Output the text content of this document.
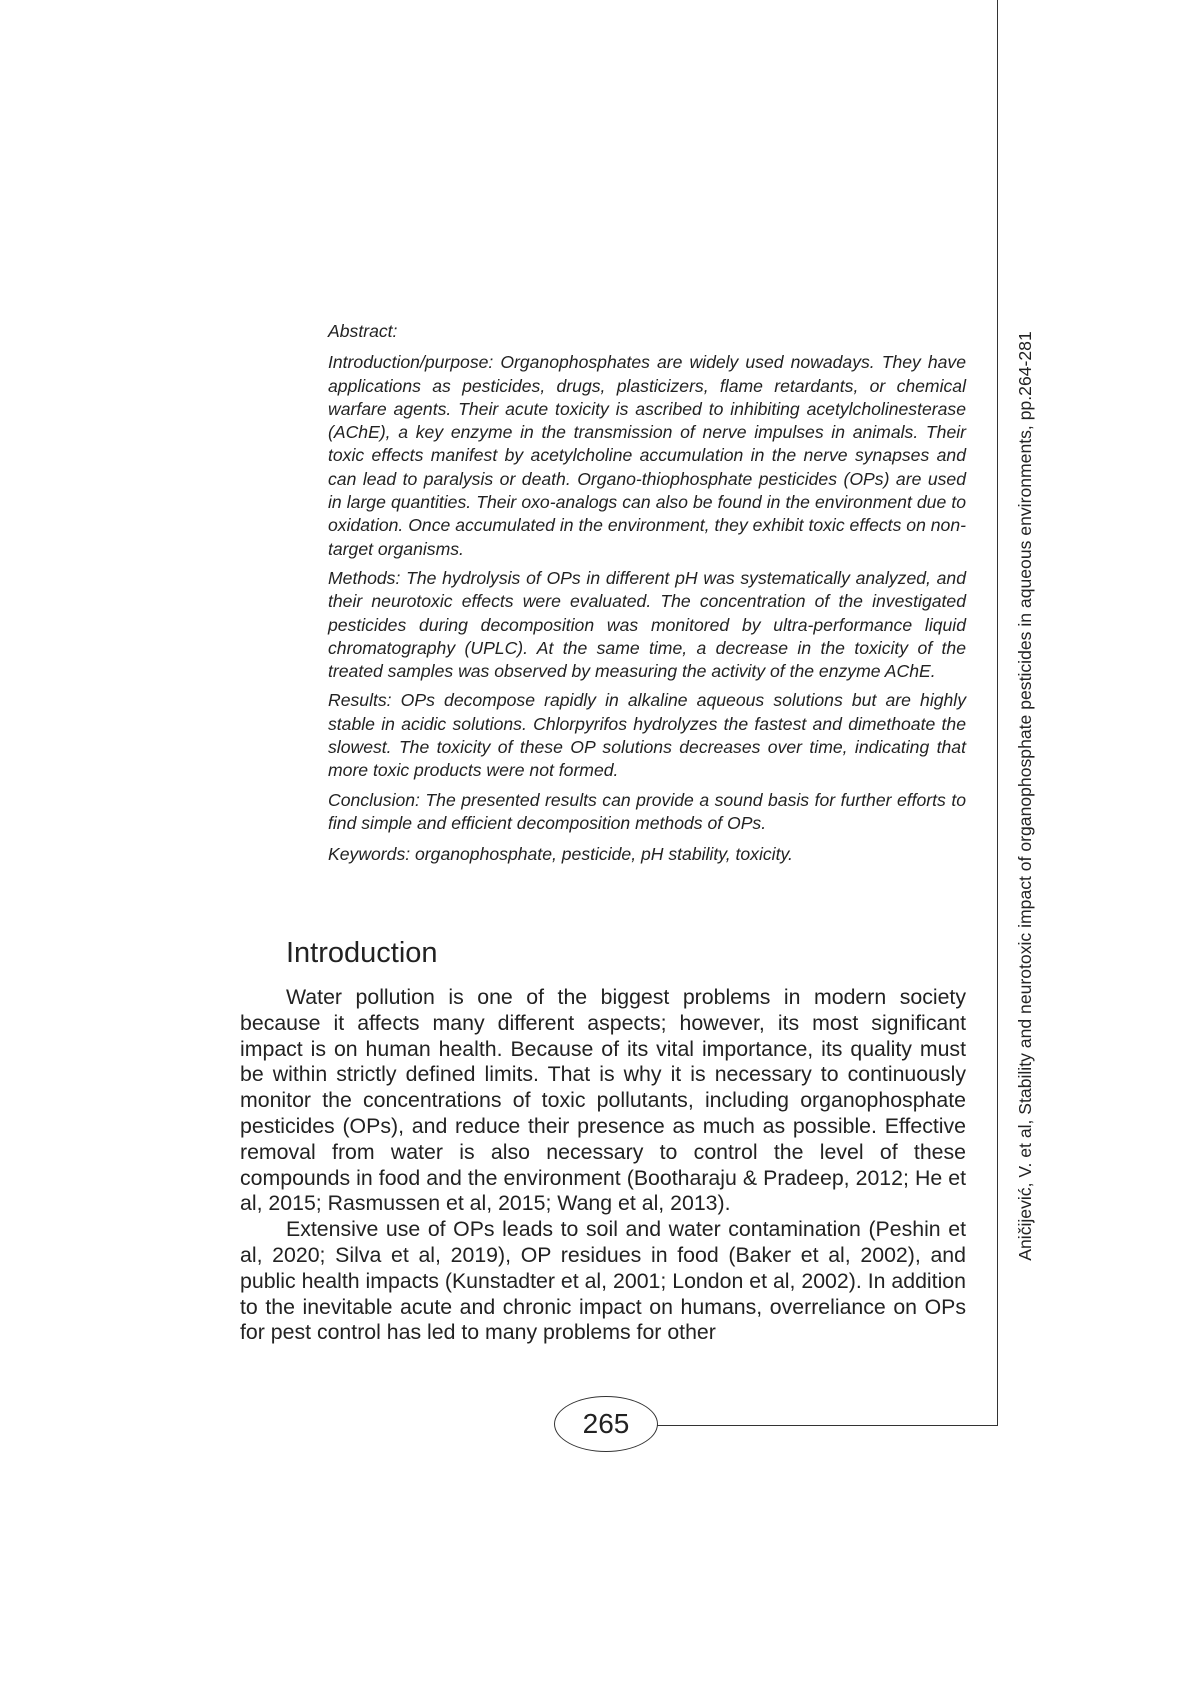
265
Aničijević, V. et al, Stability and neurotoxic impact of organophosphate pesticides in aqueous environments, pp.264-281

Abstract:

Introduction/purpose: Organophosphates are widely used nowadays. They have applications as pesticides, drugs, plasticizers, flame retardants, or chemical warfare agents. Their acute toxicity is ascribed to inhibiting acetylcholinesterase (AChE), a key enzyme in the transmission of nerve impulses in animals. Their toxic effects manifest by acetylcholine accumulation in the nerve synapses and can lead to paralysis or death. Organo-thiophosphate pesticides (OPs) are used in large quantities. Their oxo-analogs can also be found in the environment due to oxidation. Once accumulated in the environment, they exhibit toxic effects on non-target organisms.

Methods: The hydrolysis of OPs in different pH was systematically analyzed, and their neurotoxic effects were evaluated. The concentration of the investigated pesticides during decomposition was monitored by ultra-performance liquid chromatography (UPLC). At the same time, a decrease in the toxicity of the treated samples was observed by measuring the activity of the enzyme AChE.

Results: OPs decompose rapidly in alkaline aqueous solutions but are highly stable in acidic solutions. Chlorpyrifos hydrolyzes the fastest and dimethoate the slowest. The toxicity of these OP solutions decreases over time, indicating that more toxic products were not formed.

Conclusion: The presented results can provide a sound basis for further efforts to find simple and efficient decomposition methods of OPs.

Keywords: organophosphate, pesticide, pH stability, toxicity.

Introduction

Water pollution is one of the biggest problems in modern society because it affects many different aspects; however, its most significant impact is on human health. Because of its vital importance, its quality must be within strictly defined limits. That is why it is necessary to continuously monitor the concentrations of toxic pollutants, including organophosphate pesticides (OPs), and reduce their presence as much as possible. Effective removal from water is also necessary to control the level of these compounds in food and the environment (Bootharaju & Pradeep, 2012; He et al, 2015; Rasmussen et al, 2015; Wang et al, 2013).

Extensive use of OPs leads to soil and water contamination (Peshin et al, 2020; Silva et al, 2019), OP residues in food (Baker et al, 2002), and public health impacts (Kunstadter et al, 2001; London et al, 2002). In addition to the inevitable acute and chronic impact on humans, overreliance on OPs for pest control has led to many problems for other
